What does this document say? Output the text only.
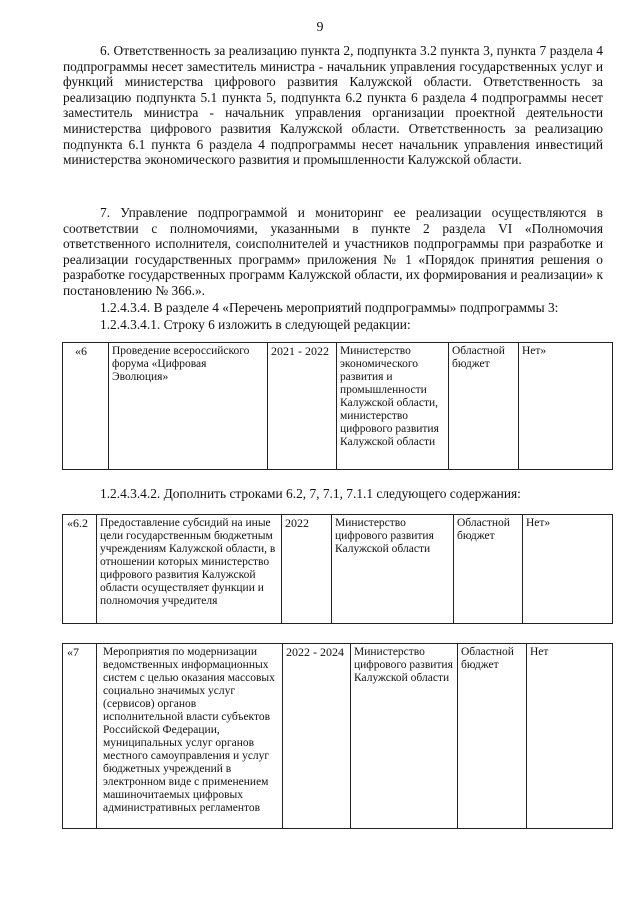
9

6. Ответственность за реализацию пункта 2, подпункта 3.2 пункта 3, пункта 7 раздела 4 подпрограммы несет заместитель министра - начальник управления государственных услуг и функций министерства цифрового развития Калужской области. Ответственность за реализацию подпункта 5.1 пункта 5, подпункта 6.2 пункта 6 раздела 4 подпрограммы несет заместитель министра - начальник управления организации проектной деятельности министерства цифрового развития Калужской области. Ответственность за реализацию подпункта 6.1 пункта 6 раздела 4 подпрограммы несет начальник управления инвестиций министерства экономического развития и промышленности Калужской области.

7. Управление подпрограммой и мониторинг ее реализации осуществляются в соответствии с полномочиями, указанными в пункте 2 раздела VI «Полномочия ответственного исполнителя, соисполнителей и участников подпрограммы при разработке и реализации государственных программ» приложения № 1 «Порядок принятия решения о разработке государственных программ Калужской области, их формирования и реализации» к постановлению № 366.».

1.2.4.3.4. В разделе 4 «Перечень мероприятий подпрограммы» подпрограммы 3:
1.2.4.3.4.1. Строку 6 изложить в следующей редакции:
«6	Проведение всероссийского форума «Цифровая Эволюция»	2021 - 2022	Министерство экономического развития и промышленности Калужской области, министерство цифрового развития Калужской области	Областной бюджет	Нет»
1.2.4.3.4.2. Дополнить строками 6.2, 7, 7.1, 7.1.1 следующего содержания:
«6.2	Предоставление субсидий на иные цели государственным бюджетным учреждениям Калужской области, в отношении которых министерство цифрового развития Калужской области осуществляет функции и полномочия учредителя	2022	Министерство цифрового развития Калужской области	Областной бюджет	Нет»
«7	Мероприятия по модернизации ведомственных информационных систем с целью оказания массовых социально значимых услуг (сервисов) органов исполнительной власти субъектов Российской Федерации, муниципальных услуг органов местного самоуправления и услуг бюджетных учреждений в электронном виде с применением машиночитаемых цифровых административных регламентов	2022 - 2024	Министерство цифрового развития Калужской области	Областной бюджет	Нет
